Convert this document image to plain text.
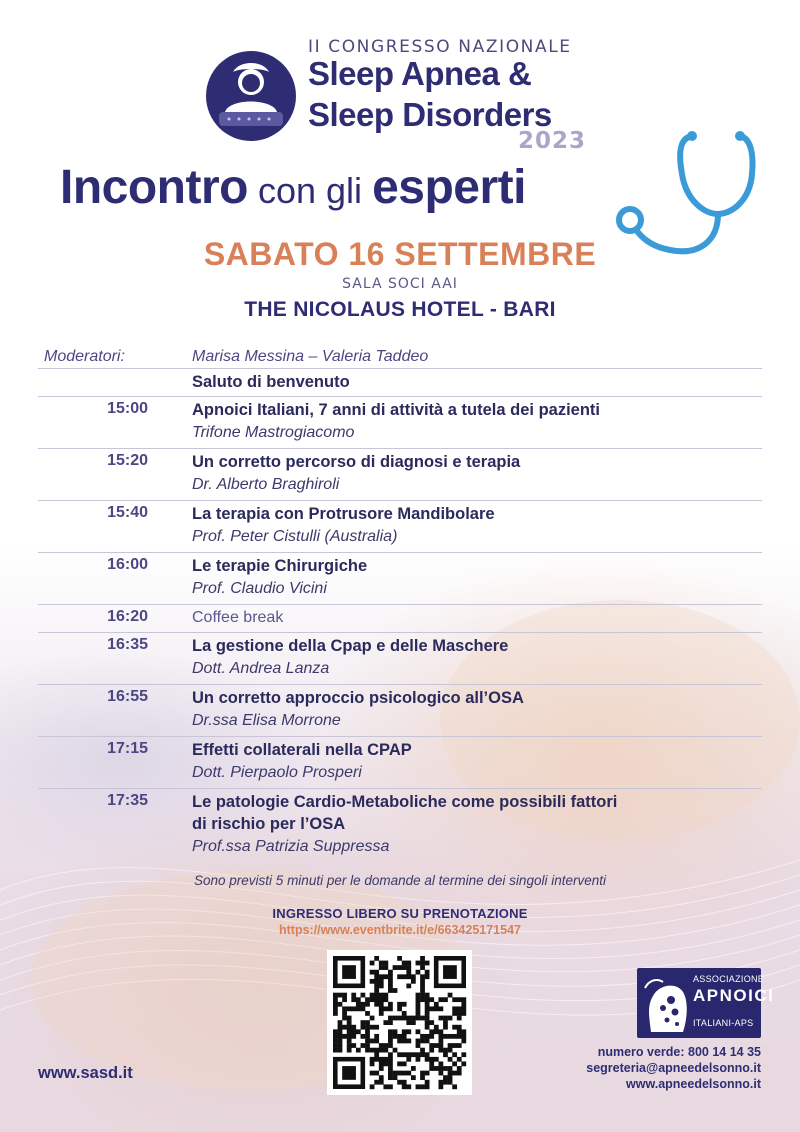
II CONGRESSO NAZIONALE
Sleep Apnea &
Sleep Disorders
2023
Incontro con gli esperti
SABATO 16 SETTEMBRE
SALA SOCI AAI
THE NICOLAUS HOTEL - BARI
Moderatori:	Marisa Messina – Valeria Taddeo
Saluto di benvenuto
15:00	Apnoici Italiani, 7 anni di attività a tutela dei pazienti
Trifone Mastrogiacomo
15:20	Un corretto percorso di diagnosi e terapia
Dr. Alberto Braghiroli
15:40	La terapia con Protrusore Mandibolare
Prof. Peter Cistulli (Australia)
16:00	Le terapie Chirurgiche
Prof. Claudio Vicini
16:20	Coffee break
16:35	La gestione della Cpap e delle Maschere
Dott. Andrea Lanza
16:55	Un corretto approccio psicologico all’OSA
Dr.ssa Elisa Morrone
17:15	Effetti collaterali nella CPAP
Dott. Pierpaolo Prosperi
17:35	Le patologie Cardio-Metaboliche come possibili fattori
di rischio per l’OSA
Prof.ssa Patrizia Suppressa
Sono previsti 5 minuti per le domande al termine dei singoli interventi
INGRESSO LIBERO SU PRENOTAZIONE
https://www.eventbrite.it/e/663425171547
www.sasd.it
ASSOCIAZIONE
APNOICI
ITALIANI-APS
numero verde: 800 14 14 35
segreteria@apneedelsonno.it
www.apneedelsonno.it
